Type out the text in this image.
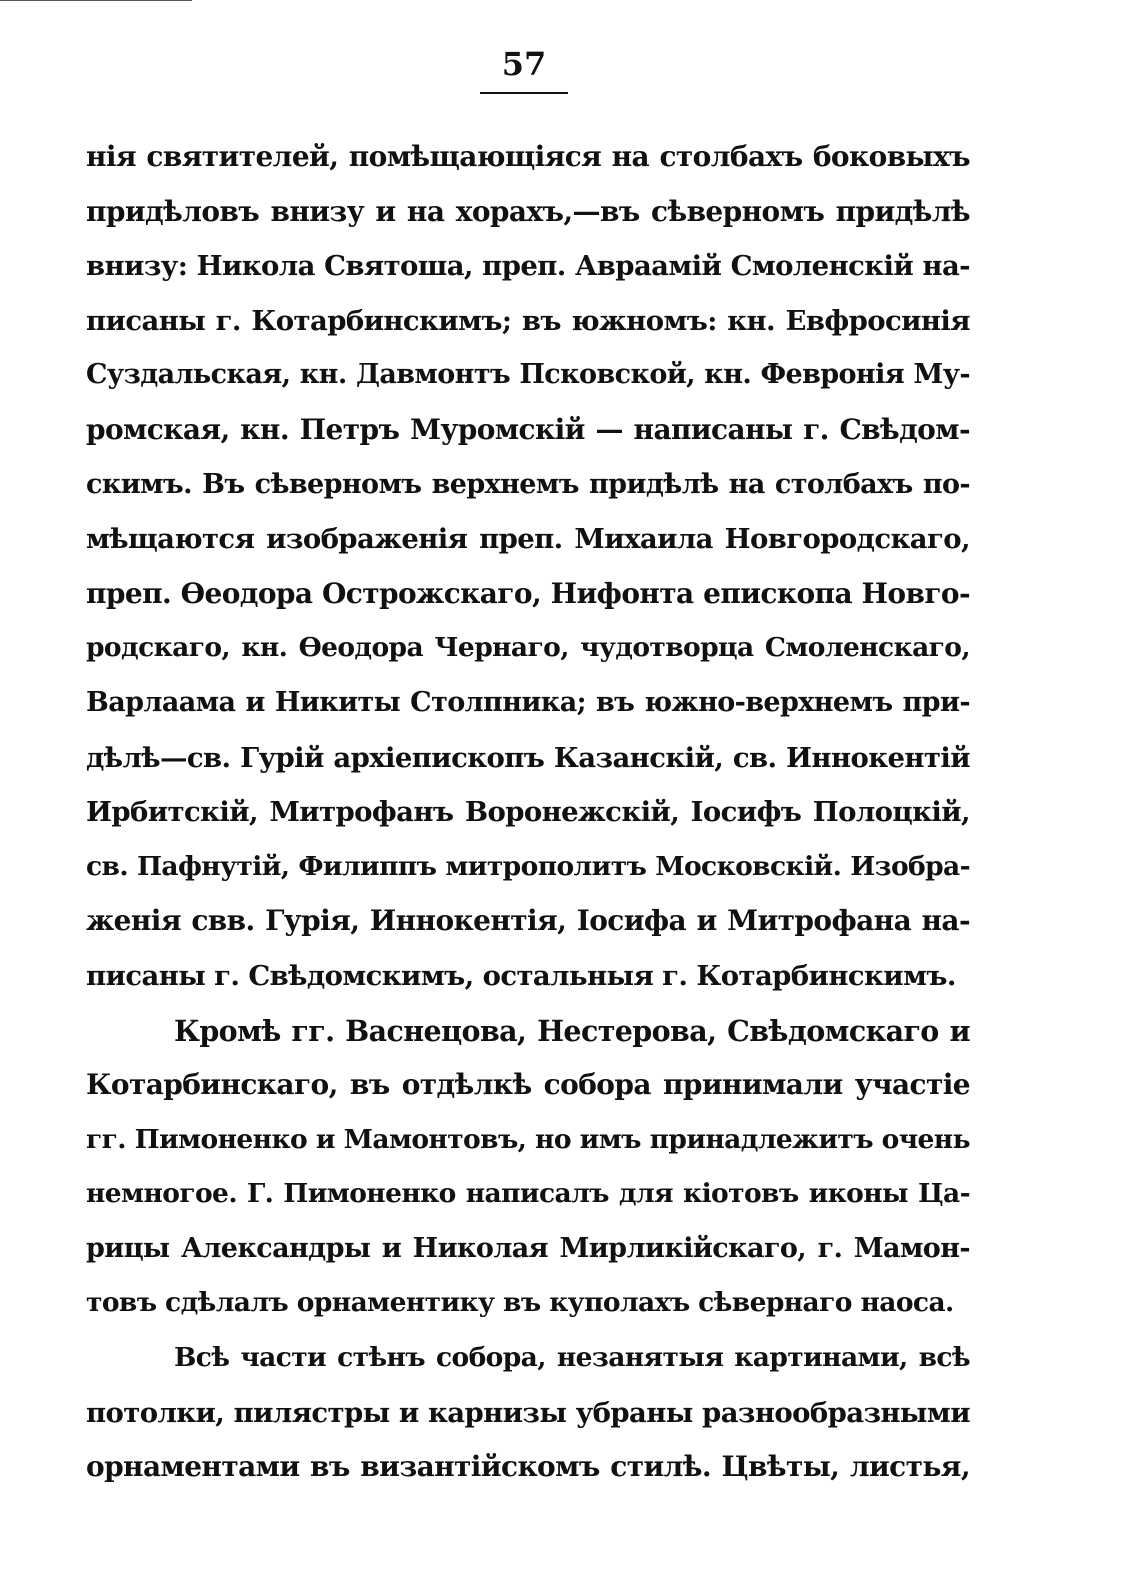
57
нія святителей, помѣщающіяся на столбахъ боковыхъ
придѣловъ внизу и на хорахъ,—въ сѣверномъ придѣлѣ
внизу: Никола Святоша, преп. Авраамій Смоленскій на-
писаны г. Котарбинскимъ; въ южномъ: кн. Евфросинія
Суздальская, кн. Давмонтъ Псковской, кн. Февронія Му-
ромская, кн. Петръ Муромскій — написаны г. Свѣдом-
скимъ. Въ сѣверномъ верхнемъ придѣлѣ на столбахъ по-
мѣщаются изображенія преп. Михаила Новгородскаго,
преп. Ѳеодора Острожскаго, Нифонта епископа Новго-
родскаго, кн. Ѳеодора Чернаго, чудотворца Смоленскаго,
Варлаама и Никиты Столпника; въ южно-верхнемъ при-
дѣлѣ—св. Гурій архіепископъ Казанскій, св. Иннокентій
Ирбитскій, Митрофанъ Воронежскій, Іосифъ Полоцкій,
св. Пафнутій, Филиппъ митрополитъ Московскій. Изобра-
женія свв. Гурія, Иннокентія, Іосифа и Митрофана на-
писаны г. Свѣдомскимъ, остальныя г. Котарбинскимъ.
Кромѣ гг. Васнецова, Нестерова, Свѣдомскаго и
Котарбинскаго, въ отдѣлкѣ собора принимали участіе
гг. Пимоненко и Мамонтовъ, но имъ принадлежитъ очень
немногое. Г. Пимоненко написалъ для кіотовъ иконы Ца-
рицы Александры и Николая Мирликійскаго, г. Мамон-
товъ сдѣлалъ орнаментику въ куполахъ сѣвернаго наоса.
Всѣ части стѣнъ собора, незанятыя картинами, всѣ
потолки, пилястры и карнизы убраны разнообразными
орнаментами въ византійскомъ стилѣ. Цвѣты, листья,
